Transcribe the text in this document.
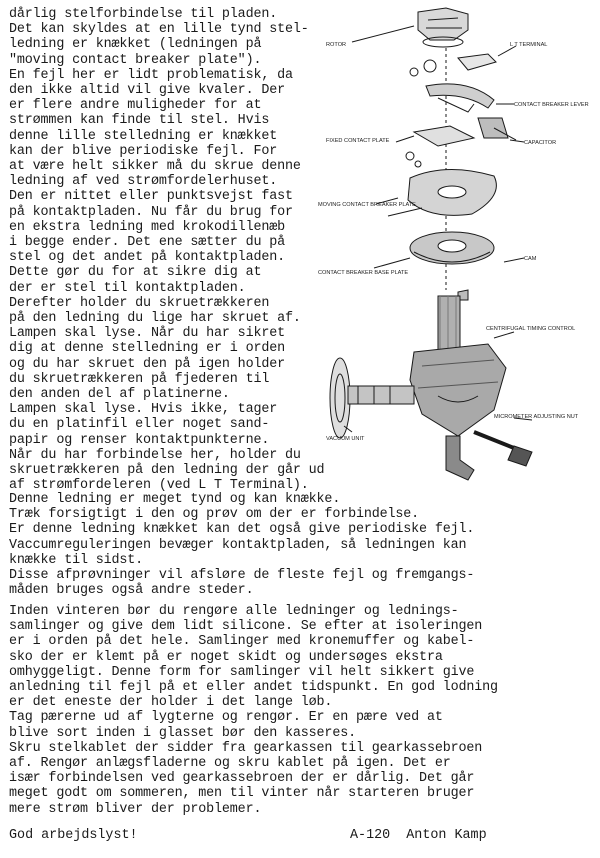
ROTOR	L T TERMINAL
CONTACT BREAKER LEVER
CAPACITOR
FIXED CONTACT PLATE
MOVING CONTACT BREAKER PLATE
CAM
CONTACT BREAKER BASE PLATE
CENTRIFUGAL TIMING CONTROL
VACUUM UNIT
MICROMETER ADJUSTING NUT
dårlig stelforbindelse til pladen.
Det kan skyldes at en lille tynd stel-
ledning er knækket (ledningen på
"moving contact breaker plate").
En fejl her er lidt problematisk, da
den ikke altid vil give kvaler. Der
er flere andre muligheder for at
strømmen kan finde til stel. Hvis
denne lille stelledning er knækket
kan der blive periodiske fejl. For
at være helt sikker må du skrue denne
ledning af ved strømfordelerhuset.
Den er nittet eller punktsvejst fast
på kontaktpladen. Nu får du brug for
en ekstra ledning med krokodillenæb
i begge ender. Det ene sætter du på
stel og det andet på kontaktpladen.
Dette gør du for at sikre dig at
der er stel til kontaktpladen.
Derefter holder du skruetrækkeren
på den ledning du lige har skruet af.
Lampen skal lyse. Når du har sikret
dig at denne stelledning er i orden
og du har skruet den på igen holder
du skruetrækkeren på fjederen til
den anden del af platinerne.
Lampen skal lyse. Hvis ikke, tager
du en platinfil eller noget sand-
papir og renser kontaktpunkterne.
Når du har forbindelse her, holder du
skruetrækkeren på den ledning der går ud
af strømfordeleren (ved L T Terminal).
Denne ledning er meget tynd og kan knække.
Træk forsigtigt i den og prøv om der er forbindelse.
Er denne ledning knækket kan det også give periodiske fejl.
Vaccumreguleringen bevæger kontaktpladen, så ledningen kan
knække til sidst.
Disse afprøvninger vil afsløre de fleste fejl og fremgangs-
måden bruges også andre steder.
Inden vinteren bør du rengøre alle ledninger og lednings-
samlinger og give dem lidt silicone. Se efter at isoleringen
er i orden på det hele. Samlinger med kronemuffer og kabel-
sko der er klemt på er noget skidt og undersøges ekstra
omhyggeligt. Denne form for samlinger vil helt sikkert give
anledning til fejl på et eller andet tidspunkt. En god lodning
er det eneste der holder i det lange løb.
Tag pærerne ud af lygterne og rengør. Er en pære ved at
blive sort inden i glasset bør den kasseres.
Skru stelkablet der sidder fra gearkassen til gearkassebroen
af. Rengør anlægsfladerne og skru kablet på igen. Det er
især forbindelsen ved gearkassebroen der er dårlig. Det går
meget godt om sommeren, men til vinter når starteren bruger
mere strøm bliver der problemer.
God arbejdslyst!	A-120  Anton Kamp
